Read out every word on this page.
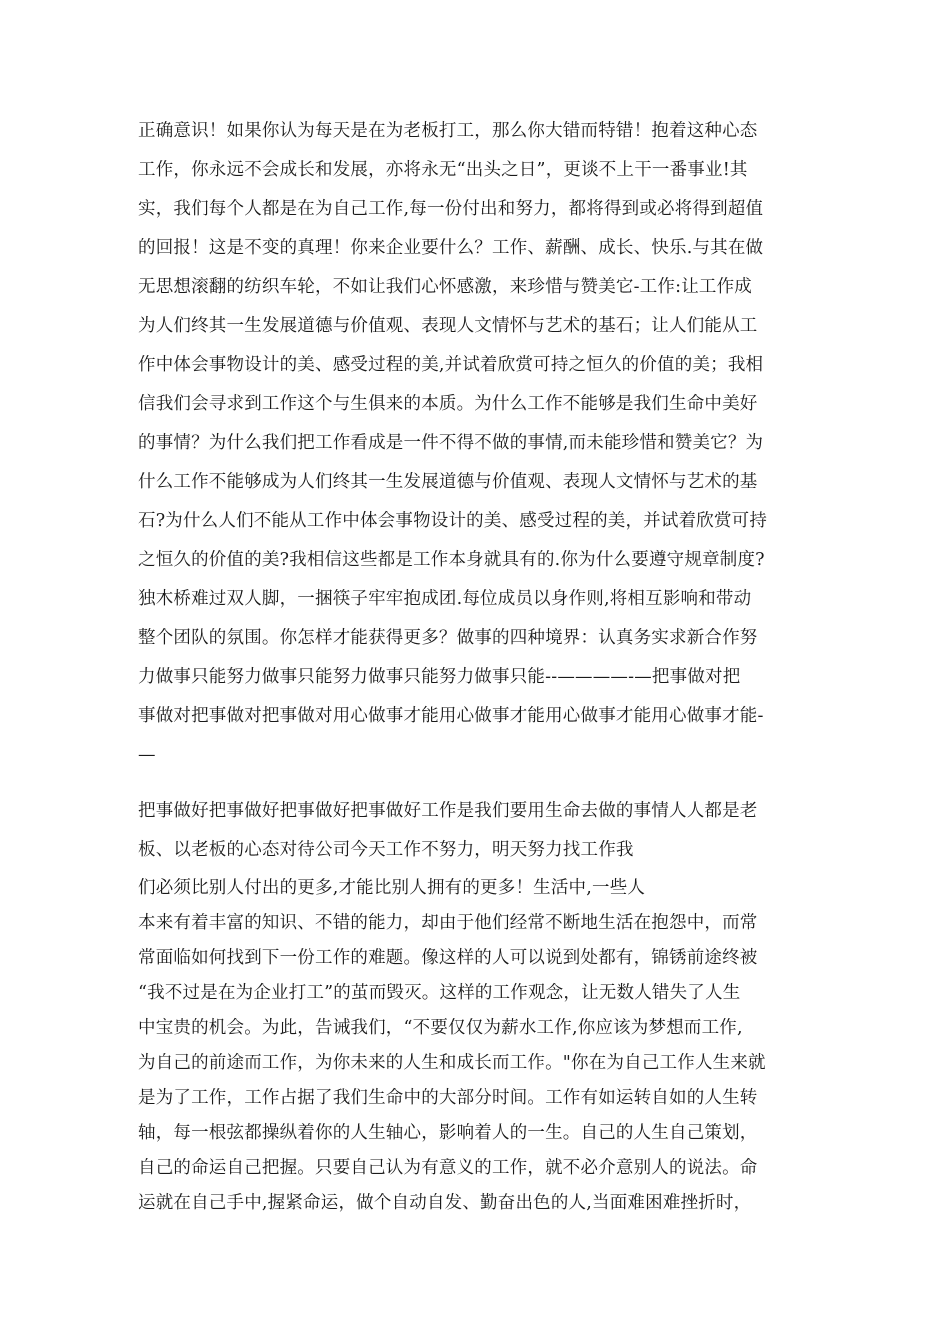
正确意识！如果你认为每天是在为老板打工，那么你大错而特错！抱着这种心态
工作，你永远不会成长和发展，亦将永无“出头之日”，更谈不上干一番事业!其
实，我们每个人都是在为自己工作,每一份付出和努力，都将得到或必将得到超值
的回报！这是不变的真理！你来企业要什么？工作、薪酬、成长、快乐.与其在做
无思想滚翻的纺织车轮，不如让我们心怀感激，来珍惜与赞美它-工作:让工作成
为人们终其一生发展道德与价值观、表现人文情怀与艺术的基石；让人们能从工
作中体会事物设计的美、感受过程的美,并试着欣赏可持之恒久的价值的美；我相
信我们会寻求到工作这个与生俱来的本质。为什么工作不能够是我们生命中美好
的事情？为什么我们把工作看成是一件不得不做的事情,而未能珍惜和赞美它？为
什么工作不能够成为人们终其一生发展道德与价值观、表现人文情怀与艺术的基
石?为什么人们不能从工作中体会事物设计的美、感受过程的美，并试着欣赏可持
之恒久的价值的美?我相信这些都是工作本身就具有的.你为什么要遵守规章制度?
独木桥难过双人脚，一捆筷子牢牢抱成团.每位成员以身作则,将相互影响和带动
整个团队的氛围。你怎样才能获得更多？做事的四种境界：认真务实求新合作努
力做事只能努力做事只能努力做事只能努力做事只能--————-—把事做对把
事做对把事做对把事做对用心做事才能用心做事才能用心做事才能用心做事才能-
—
把事做好把事做好把事做好把事做好工作是我们要用生命去做的事情人人都是老
板、以老板的心态对待公司今天工作不努力，明天努力找工作我
们必须比别人付出的更多,才能比别人拥有的更多！生活中,一些人
本来有着丰富的知识、不错的能力，却由于他们经常不断地生活在抱怨中，而常
常面临如何找到下一份工作的难题。像这样的人可以说到处都有，锦锈前途终被
“我不过是在为企业打工”的茧而毁灭。这样的工作观念，让无数人错失了人生
中宝贵的机会。为此，告诫我们，“不要仅仅为薪水工作,你应该为梦想而工作,
为自己的前途而工作，为你未来的人生和成长而工作。"你在为自己工作人生来就
是为了工作，工作占据了我们生命中的大部分时间。工作有如运转自如的人生转
轴，每一根弦都操纵着你的人生轴心，影响着人的一生。自己的人生自己策划，
自己的命运自己把握。只要自己认为有意义的工作，就不必介意别人的说法。命
运就在自己手中,握紧命运，做个自动自发、勤奋出色的人,当面难困难挫折时，
